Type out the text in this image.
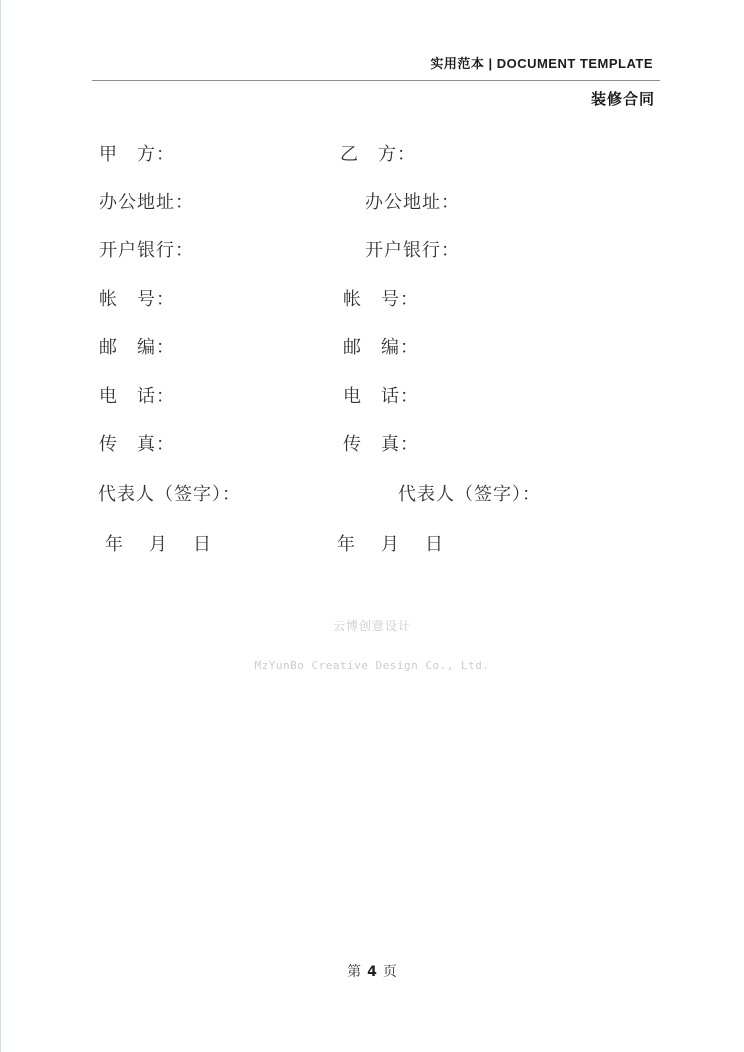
实用范本 | DOCUMENT TEMPLATE
装修合同
甲　方：	乙　方：
办公地址：	办公地址：
开户银行：	开户银行：
帐　号：	帐　号：
邮　编：	邮　编：
电　话：	电　话：
传　真：	传　真：
代表人（签字）：	代表人（签字）：
年　月　日	年　月　日
云博创意设计
MzYunBo Creative Design Co., Ltd.
第 4 页
